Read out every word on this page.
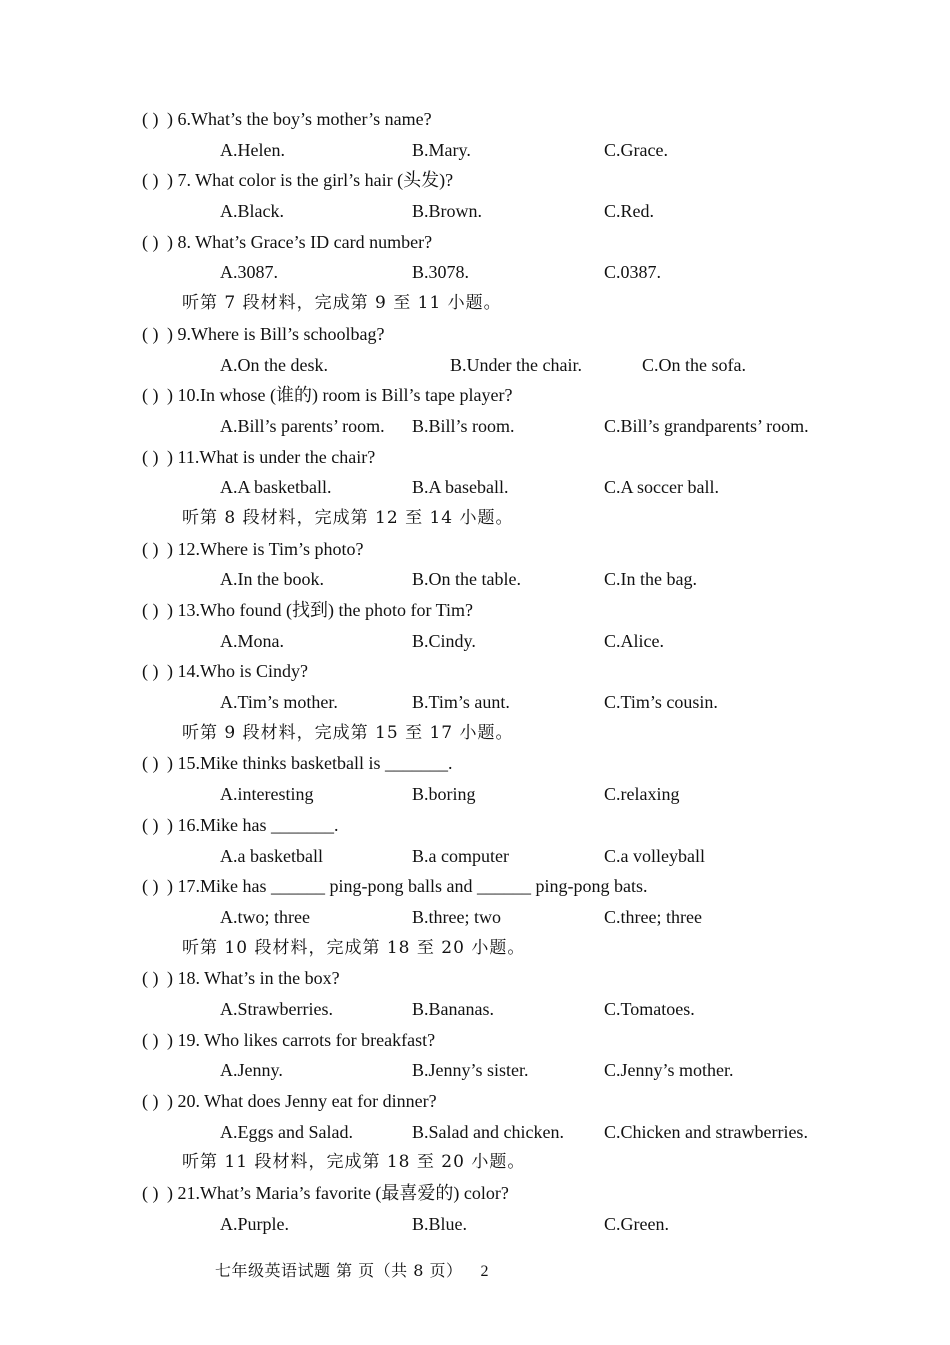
( ) ) 6.What’s the boy’s mother’s name?
A.Helen.	B.Mary.	C.Grace.
( ) ) 7. What color is the girl’s hair (头发)?
A.Black.	B.Brown.	C.Red.
( ) ) 8. What’s Grace’s ID card number?
A.3087.	B.3078.	C.0387.
听第 7 段材料，完成第 9 至 11 小题。
( ) ) 9.Where is Bill’s schoolbag?
A.On the desk.	B.Under the chair.	C.On the sofa.
( ) ) 10.In whose (谁的) room is Bill’s tape player?
A.Bill’s parents’ room. B.Bill’s room.	C.Bill’s grandparents’ room.
( ) ) 11.What is under the chair?
A.A basketball.	B.A baseball.	C.A soccer ball.
听第 8 段材料，完成第 12 至 14 小题。
( ) ) 12.Where is Tim’s photo?
A.In the book.	B.On the table.	C.In the bag.
( ) ) 13.Who found (找到) the photo for Tim?
A.Mona.	B.Cindy.	C.Alice.
( ) ) 14.Who is Cindy?
A.Tim’s mother.	B.Tim’s aunt.	C.Tim’s cousin.
听第 9 段材料，完成第 15 至 17 小题。
( ) ) 15.Mike thinks basketball is _______.
A.interesting	B.boring	C.relaxing
( ) ) 16.Mike has _______.
A.a basketball	B.a computer	C.a volleyball
( ) ) 17.Mike has ______ ping-pong balls and ______ ping-pong bats.
A.two; three	B.three; two	C.three; three
听第 10 段材料，完成第 18 至 20 小题。
( ) ) 18. What’s in the box?
A.Strawberries.	B.Bananas.	C.Tomatoes.
( ) ) 19. Who likes carrots for breakfast?
A.Jenny.	B.Jenny’s sister.	C.Jenny’s mother.
( ) ) 20. What does Jenny eat for dinner?
A.Eggs and Salad.	B.Salad and chicken. C.Chicken and strawberries.
听第 11 段材料，完成第 18 至 20 小题。
( ) ) 21.What’s Maria’s favorite (最喜爱的) color?
A.Purple.	B.Blue.	C.Green.
七年级英语试题 第 页（共 8 页） 2
